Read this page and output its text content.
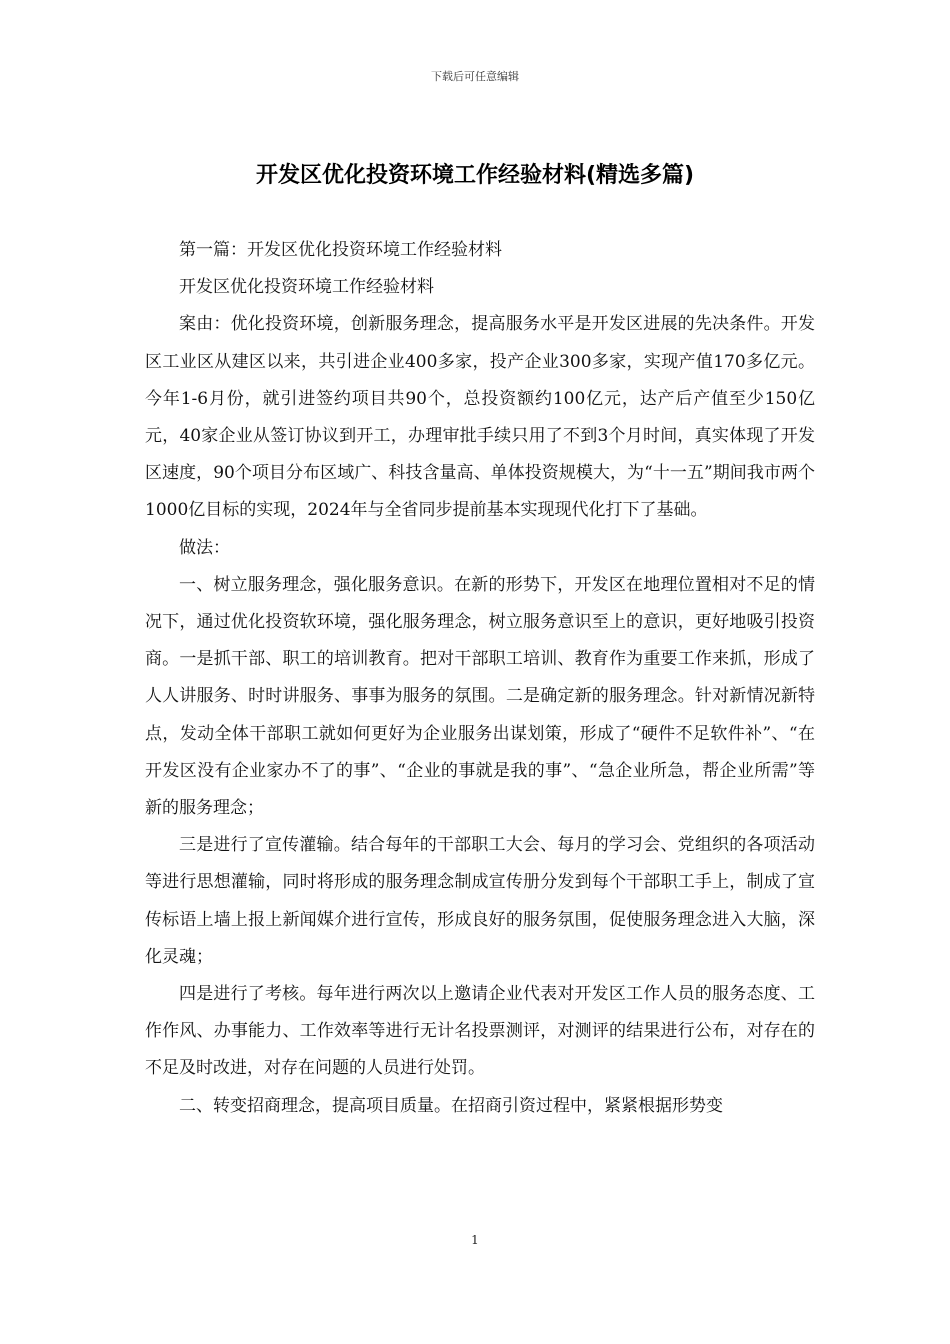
下载后可任意编辑
开发区优化投资环境工作经验材料(精选多篇)

第一篇：开发区优化投资环境工作经验材料

开发区优化投资环境工作经验材料

案由：优化投资环境，创新服务理念，提高服务水平是开发区进展的先决条件。开发区工业区从建区以来，共引进企业400多家，投产企业300多家，实现产值170多亿元。今年1-6月份，就引进签约项目共90个，总投资额约100亿元，达产后产值至少150亿元，40家企业从签订协议到开工，办理审批手续只用了不到3个月时间，真实体现了开发区速度，90个项目分布区域广、科技含量高、单体投资规模大，为“十一五”期间我市两个1000亿目标的实现，2024年与全省同步提前基本实现现代化打下了基础。

做法：

一、树立服务理念，强化服务意识。在新的形势下，开发区在地理位置相对不足的情况下，通过优化投资软环境，强化服务理念，树立服务意识至上的意识，更好地吸引投资商。一是抓干部、职工的培训教育。把对干部职工培训、教育作为重要工作来抓，形成了人人讲服务、时时讲服务、事事为服务的氛围。二是确定新的服务理念。针对新情况新特点，发动全体干部职工就如何更好为企业服务出谋划策，形成了“硬件不足软件补”、“在开发区没有企业家办不了的事”、“企业的事就是我的事”、“急企业所急，帮企业所需”等新的服务理念；

三是进行了宣传灌输。结合每年的干部职工大会、每月的学习会、党组织的各项活动等进行思想灌输，同时将形成的服务理念制成宣传册分发到每个干部职工手上，制成了宣传标语上墙上报上新闻媒介进行宣传，形成良好的服务氛围，促使服务理念进入大脑，深化灵魂；

四是进行了考核。每年进行两次以上邀请企业代表对开发区工作人员的服务态度、工作作风、办事能力、工作效率等进行无计名投票测评，对测评的结果进行公布，对存在的不足及时改进，对存在问题的人员进行处罚。

二、转变招商理念，提高项目质量。在招商引资过程中，紧紧根据形势变

1
